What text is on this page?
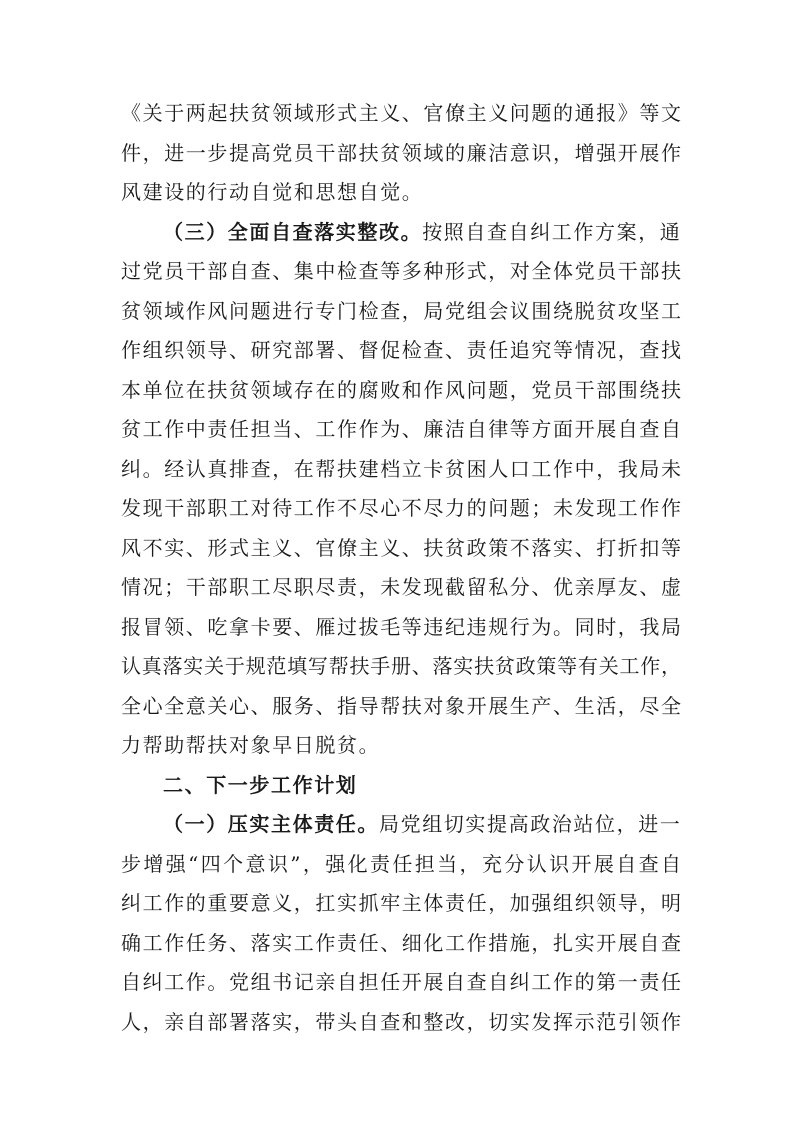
《关于两起扶贫领域形式主义、官僚主义问题的通报》等文
件，进一步提高党员干部扶贫领域的廉洁意识，增强开展作
风建设的行动自觉和思想自觉。
（三）全面自查落实整改。按照自查自纠工作方案，通
过党员干部自查、集中检查等多种形式，对全体党员干部扶
贫领域作风问题进行专门检查，局党组会议围绕脱贫攻坚工
作组织领导、研究部署、督促检查、责任追究等情况，查找
本单位在扶贫领域存在的腐败和作风问题，党员干部围绕扶
贫工作中责任担当、工作作为、廉洁自律等方面开展自查自
纠。经认真排查，在帮扶建档立卡贫困人口工作中，我局未
发现干部职工对待工作不尽心不尽力的问题；未发现工作作
风不实、形式主义、官僚主义、扶贫政策不落实、打折扣等
情况；干部职工尽职尽责，未发现截留私分、优亲厚友、虚
报冒领、吃拿卡要、雁过拔毛等违纪违规行为。同时，我局
认真落实关于规范填写帮扶手册、落实扶贫政策等有关工作，
全心全意关心、服务、指导帮扶对象开展生产、生活，尽全
力帮助帮扶对象早日脱贫。
二、下一步工作计划
（一）压实主体责任。局党组切实提高政治站位，进一
步增强“四个意识”，强化责任担当，充分认识开展自查自
纠工作的重要意义，扛实抓牢主体责任，加强组织领导，明
确工作任务、落实工作责任、细化工作措施，扎实开展自查
自纠工作。党组书记亲自担任开展自查自纠工作的第一责任
人，亲自部署落实，带头自查和整改，切实发挥示范引领作
